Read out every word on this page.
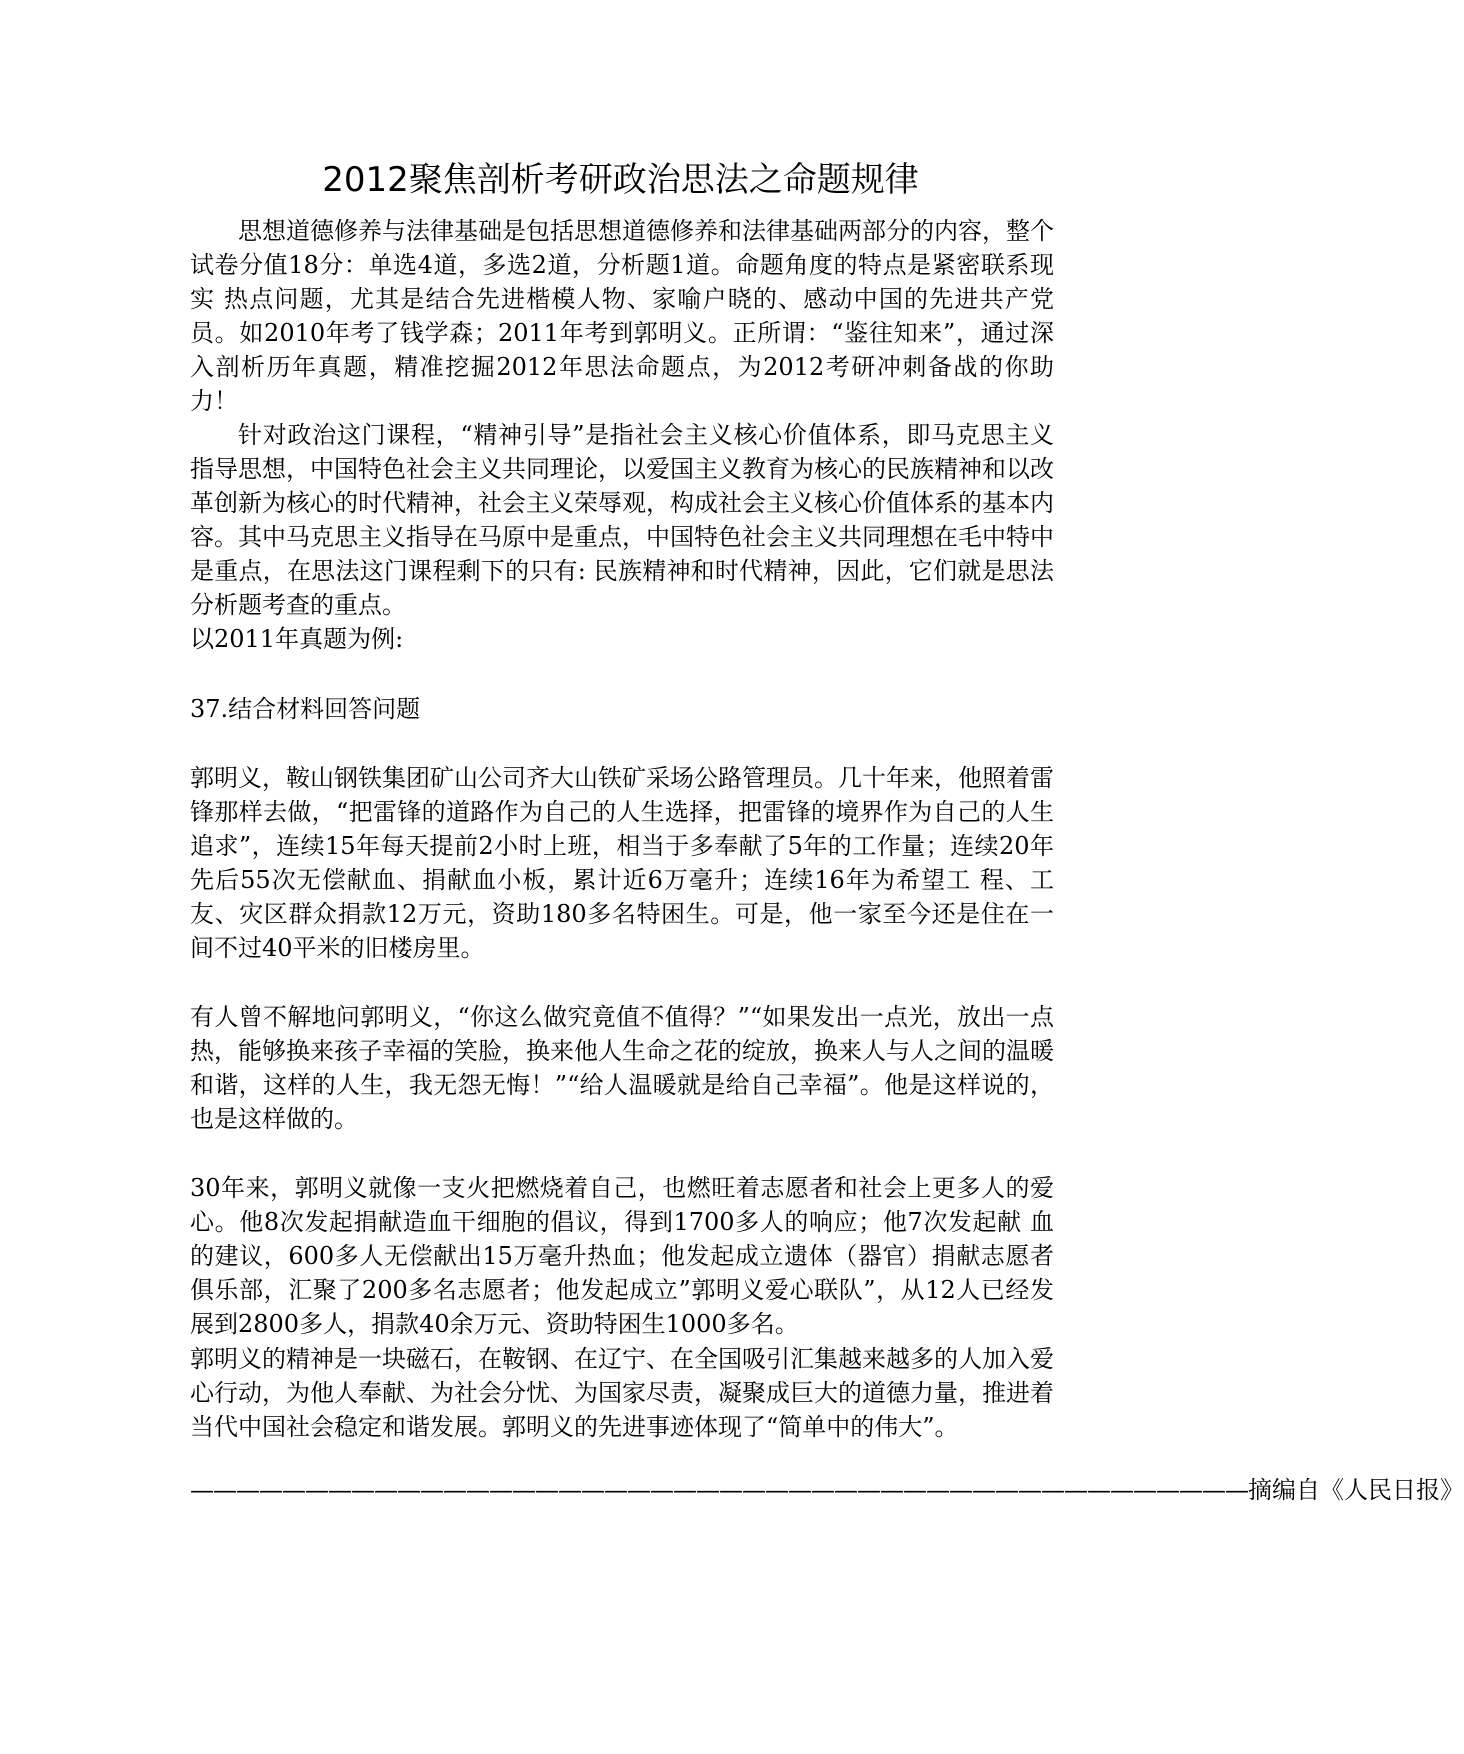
2012聚焦剖析考研政治思法之命题规律

思想道德修养与法律基础是包括思想道德修养和法律基础两部分的内容，整个试卷分值18分：单选4道，多选2道，分析题1道。命题角度的特点是紧密联系现实 热点问题，尤其是结合先进楷模人物、家喻户晓的、感动中国的先进共产党员。如2010年考了钱学森；2011年考到郭明义。正所谓：“鉴往知来”，通过深 入剖析历年真题，精准挖掘2012年思法命题点，为2012考研冲刺备战的你助力！

针对政治这门课程，“精神引导”是指社会主义核心价值体系，即马克思主义指导思想，中国特色社会主义共同理论，以爱国主义教育为核心的民族精神和以改革创新为核心的时代精神，社会主义荣辱观，构成社会主义核心价值体系的基本内容。其中马克思主义指导在马原中是重点，中国特色社会主义共同理想在毛中特中是重点，在思法这门课程剩下的只有: 民族精神和时代精神，因此，它们就是思法分析题考查的重点。

以2011年真题为例:

37.结合材料回答问题

郭明义，鞍山钢铁集团矿山公司齐大山铁矿采场公路管理员。几十年来，他照着雷锋那样去做，“把雷锋的道路作为自己的人生选择，把雷锋的境界作为自己的人生 追求”，连续15年每天提前2小时上班，相当于多奉献了5年的工作量；连续20年先后55次无偿献血、捐献血小板，累计近6万毫升；连续16年为希望工 程、工友、灾区群众捐款12万元，资助180多名特困生。可是，他一家至今还是住在一间不过40平米的旧楼房里。

有人曾不解地问郭明义，“你这么做究竟值不值得？”“如果发出一点光，放出一点热，能够换来孩子幸福的笑脸，换来他人生命之花的绽放，换来人与人之间的温暖和谐，这样的人生，我无怨无悔！”“给人温暖就是给自己幸福”。他是这样说的，也是这样做的。

30年来，郭明义就像一支火把燃烧着自己，也燃旺着志愿者和社会上更多人的爱心。他8次发起捐献造血干细胞的倡议，得到1700多人的响应；他7次发起献 血的建议，600多人无偿献出15万毫升热血；他发起成立遗体（器官）捐献志愿者俱乐部，汇聚了200多名志愿者；他发起成立”郭明义爱心联队”，从12人已经发展到2800多人，捐款40余万元、资助特困生1000多名。

郭明义的精神是一块磁石，在鞍钢、在辽宁、在全国吸引汇集越来越多的人加入爱心行动，为他人奉献、为社会分忧、为国家尽责，凝聚成巨大的道德力量，推进着当代中国社会稳定和谐发展。郭明义的先进事迹体现了“简单中的伟大”。

——————————————————————————————————————————————摘编自《人民日报》
